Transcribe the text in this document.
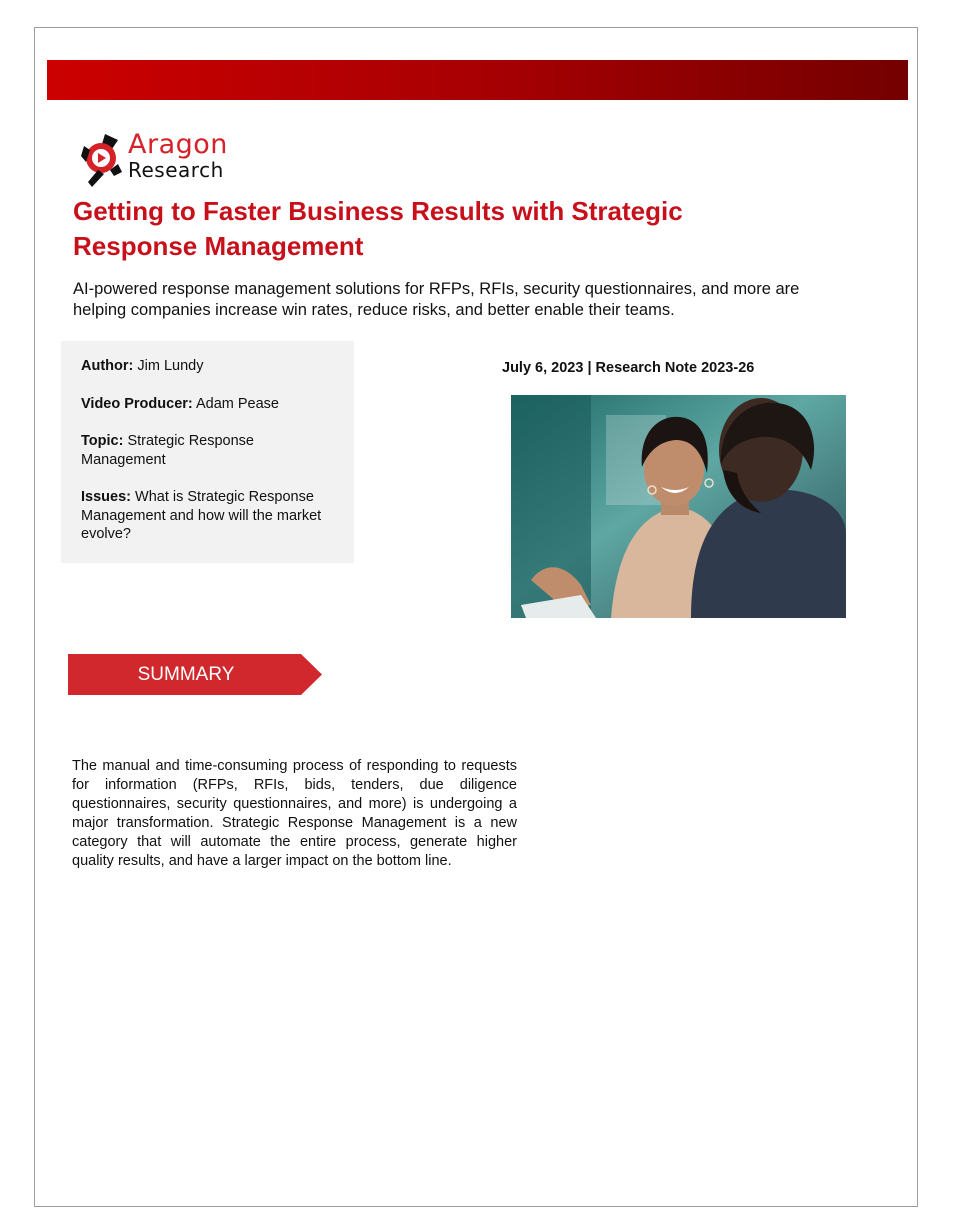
Aragon
Research
Getting to Faster Business Results with Strategic Response Management

AI-powered response management solutions for RFPs, RFIs, security questionnaires, and more are helping companies increase win rates, reduce risks, and better enable their teams.

Author: Jim Lundy
Video Producer: Adam Pease
Topic: Strategic Response Management
Issues: What is Strategic Response Management and how will the market evolve?
July 6, 2023 | Research Note 2023-26
SUMMARY

The manual and time-consuming process of responding to requests for information (RFPs, RFIs, bids, tenders, due diligence questionnaires, security questionnaires, and more) is undergoing a major transformation. Strategic Response Management is a new category that will automate the entire process, generate higher quality results, and have a larger impact on the bottom line.
